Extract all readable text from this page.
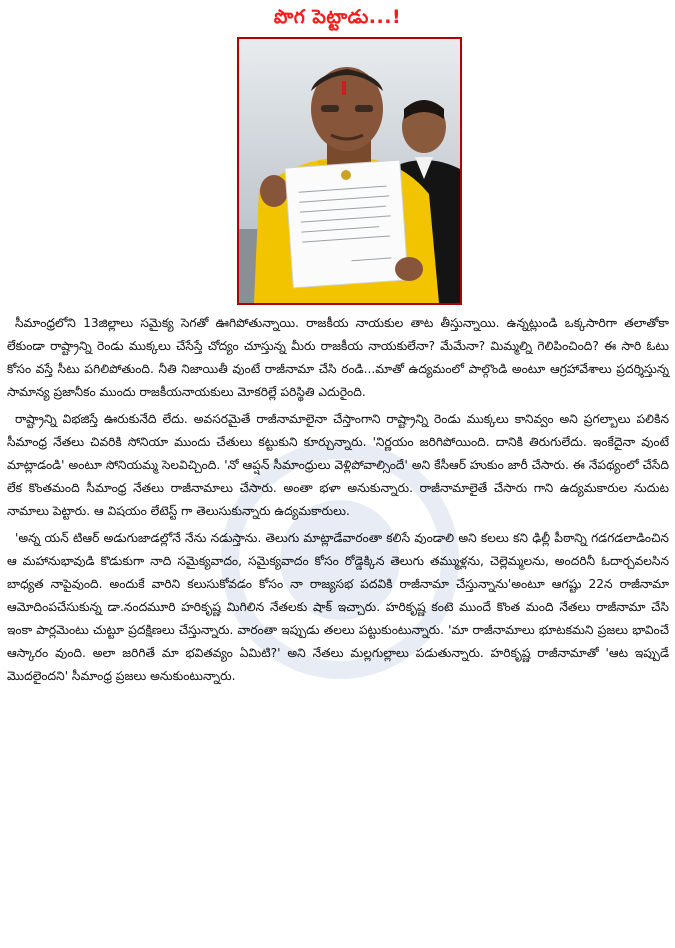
పొగ పెట్టాడు...!

సీమాంధ్రలోని 13జిల్లాలు సమైక్య సెగతో ఊగిపోతున్నాయి. రాజకీయ నాయకుల తాట తీస్తున్నాయి. ఉన్నట్లుండి ఒక్కసారిగా తలాతోకా లేకుండా రాష్ట్రాన్ని రెండు ముక్కలు చేసేస్తే చోద్యం చూస్తున్న మీరు రాజకీయ నాయకులేనా? మేమేనా? మిమ్మల్ని గెలిపించింది? ఈ సారి ఓటు కోసం వస్తే సీటు పగిలిపోతుంది. నీతి నిజాయితీ వుంటే రాజీనామా చేసి రండి...మాతో ఉద్యమంలో పాల్గొండి అంటూ ఆగ్రహావేశాలు ప్రదర్శిస్తున్న సామాన్య ప్రజానీకం ముందు రాజకీయనాయకులు మోకరిల్లే పరిస్థితి ఎదురైంది.

రాష్ట్రాన్ని విభజిస్తే ఊరుకునేది లేదు. అవసరమైతే రాజీనామాలైనా చేస్తాంగాని రాష్ట్రాన్ని రెండు ముక్కలు కానివ్వం అని ప్రగల్బాలు పలికిన సీమాంధ్ర నేతలు చివరికి సోనియా ముందు చేతులు కట్టుకుని కూర్చున్నారు. 'నిర్ణయం జరిగిపోయింది. దానికి తిరుగులేదు. ఇంకేదైనా వుంటే మాట్లాడండి' అంటూ సోనియమ్మ సెలవిచ్చింది. 'నో ఆప్షన్ సీమాంధ్రులు వెళ్లిపోవాల్సిందే' అని కేసీఆర్ హుకుం జారీ చేసారు. ఈ నేపథ్యంలో చేసేది లేక కొంతమంది సీమాంధ్ర నేతలు రాజీనామాలు చేసారు. అంతా భళా అనుకున్నారు. రాజీనామాలైతే చేసారు గాని ఉద్యమకారుల నుదుట నామాలు పెట్టారు. ఆ విషయం లేటెస్ట్ గా తెలుసుకున్నారు ఉద్యమకారులు.

'అన్న యన్ టిఆర్ అడుగుజాడల్లోనే నేను నడుస్తాను. తెలుగు మాట్లాడేవారంతా కలిసే వుండాలి అని కలలు కని ఢిల్లీ పీఠాన్ని గడగడలాడించిన ఆ మహానుభావుడి కొడుకుగా నాది సమైక్యవాదం, సమైక్యవాదం కోసం రోడ్డెక్కిన తెలుగు తమ్ముళ్లను, చెల్లెమ్మలను, అందరినీ ఓదార్చవలసిన బాధ్యత నాపైవుంది. అందుకే వారిని కలుసుకోవడం కోసం నా రాజ్యసభ పదవికి రాజీనామా చేస్తున్నాను'అంటూ ఆగష్టు 22న రాజీనామా ఆమోదింపచేసుకున్న డా.నందమూరి హరికృష్ణ మిగిలిన నేతలకు షాక్ ఇచ్చారు. హరికృష్ణ కంటె ముందే కొంత మంది నేతలు రాజీనామా చేసి ఇంకా పార్లమెంటు చుట్టూ ప్రదక్షిణలు చేస్తున్నారు. వారంతా ఇప్పుడు తలలు పట్టుకుంటున్నారు. 'మా రాజీనామాలు భూటకమని ప్రజలు భావించే ఆస్కారం వుంది. అలా జరిగితే మా భవితవ్యం ఏమిటి?' అని నేతలు మల్లగుల్లాలు పడుతున్నారు. హరికృష్ణ రాజీనామాతో 'ఆట ఇప్పుడే మొదలైందని' సీమాంధ్ర ప్రజలు అనుకుంటున్నారు.
